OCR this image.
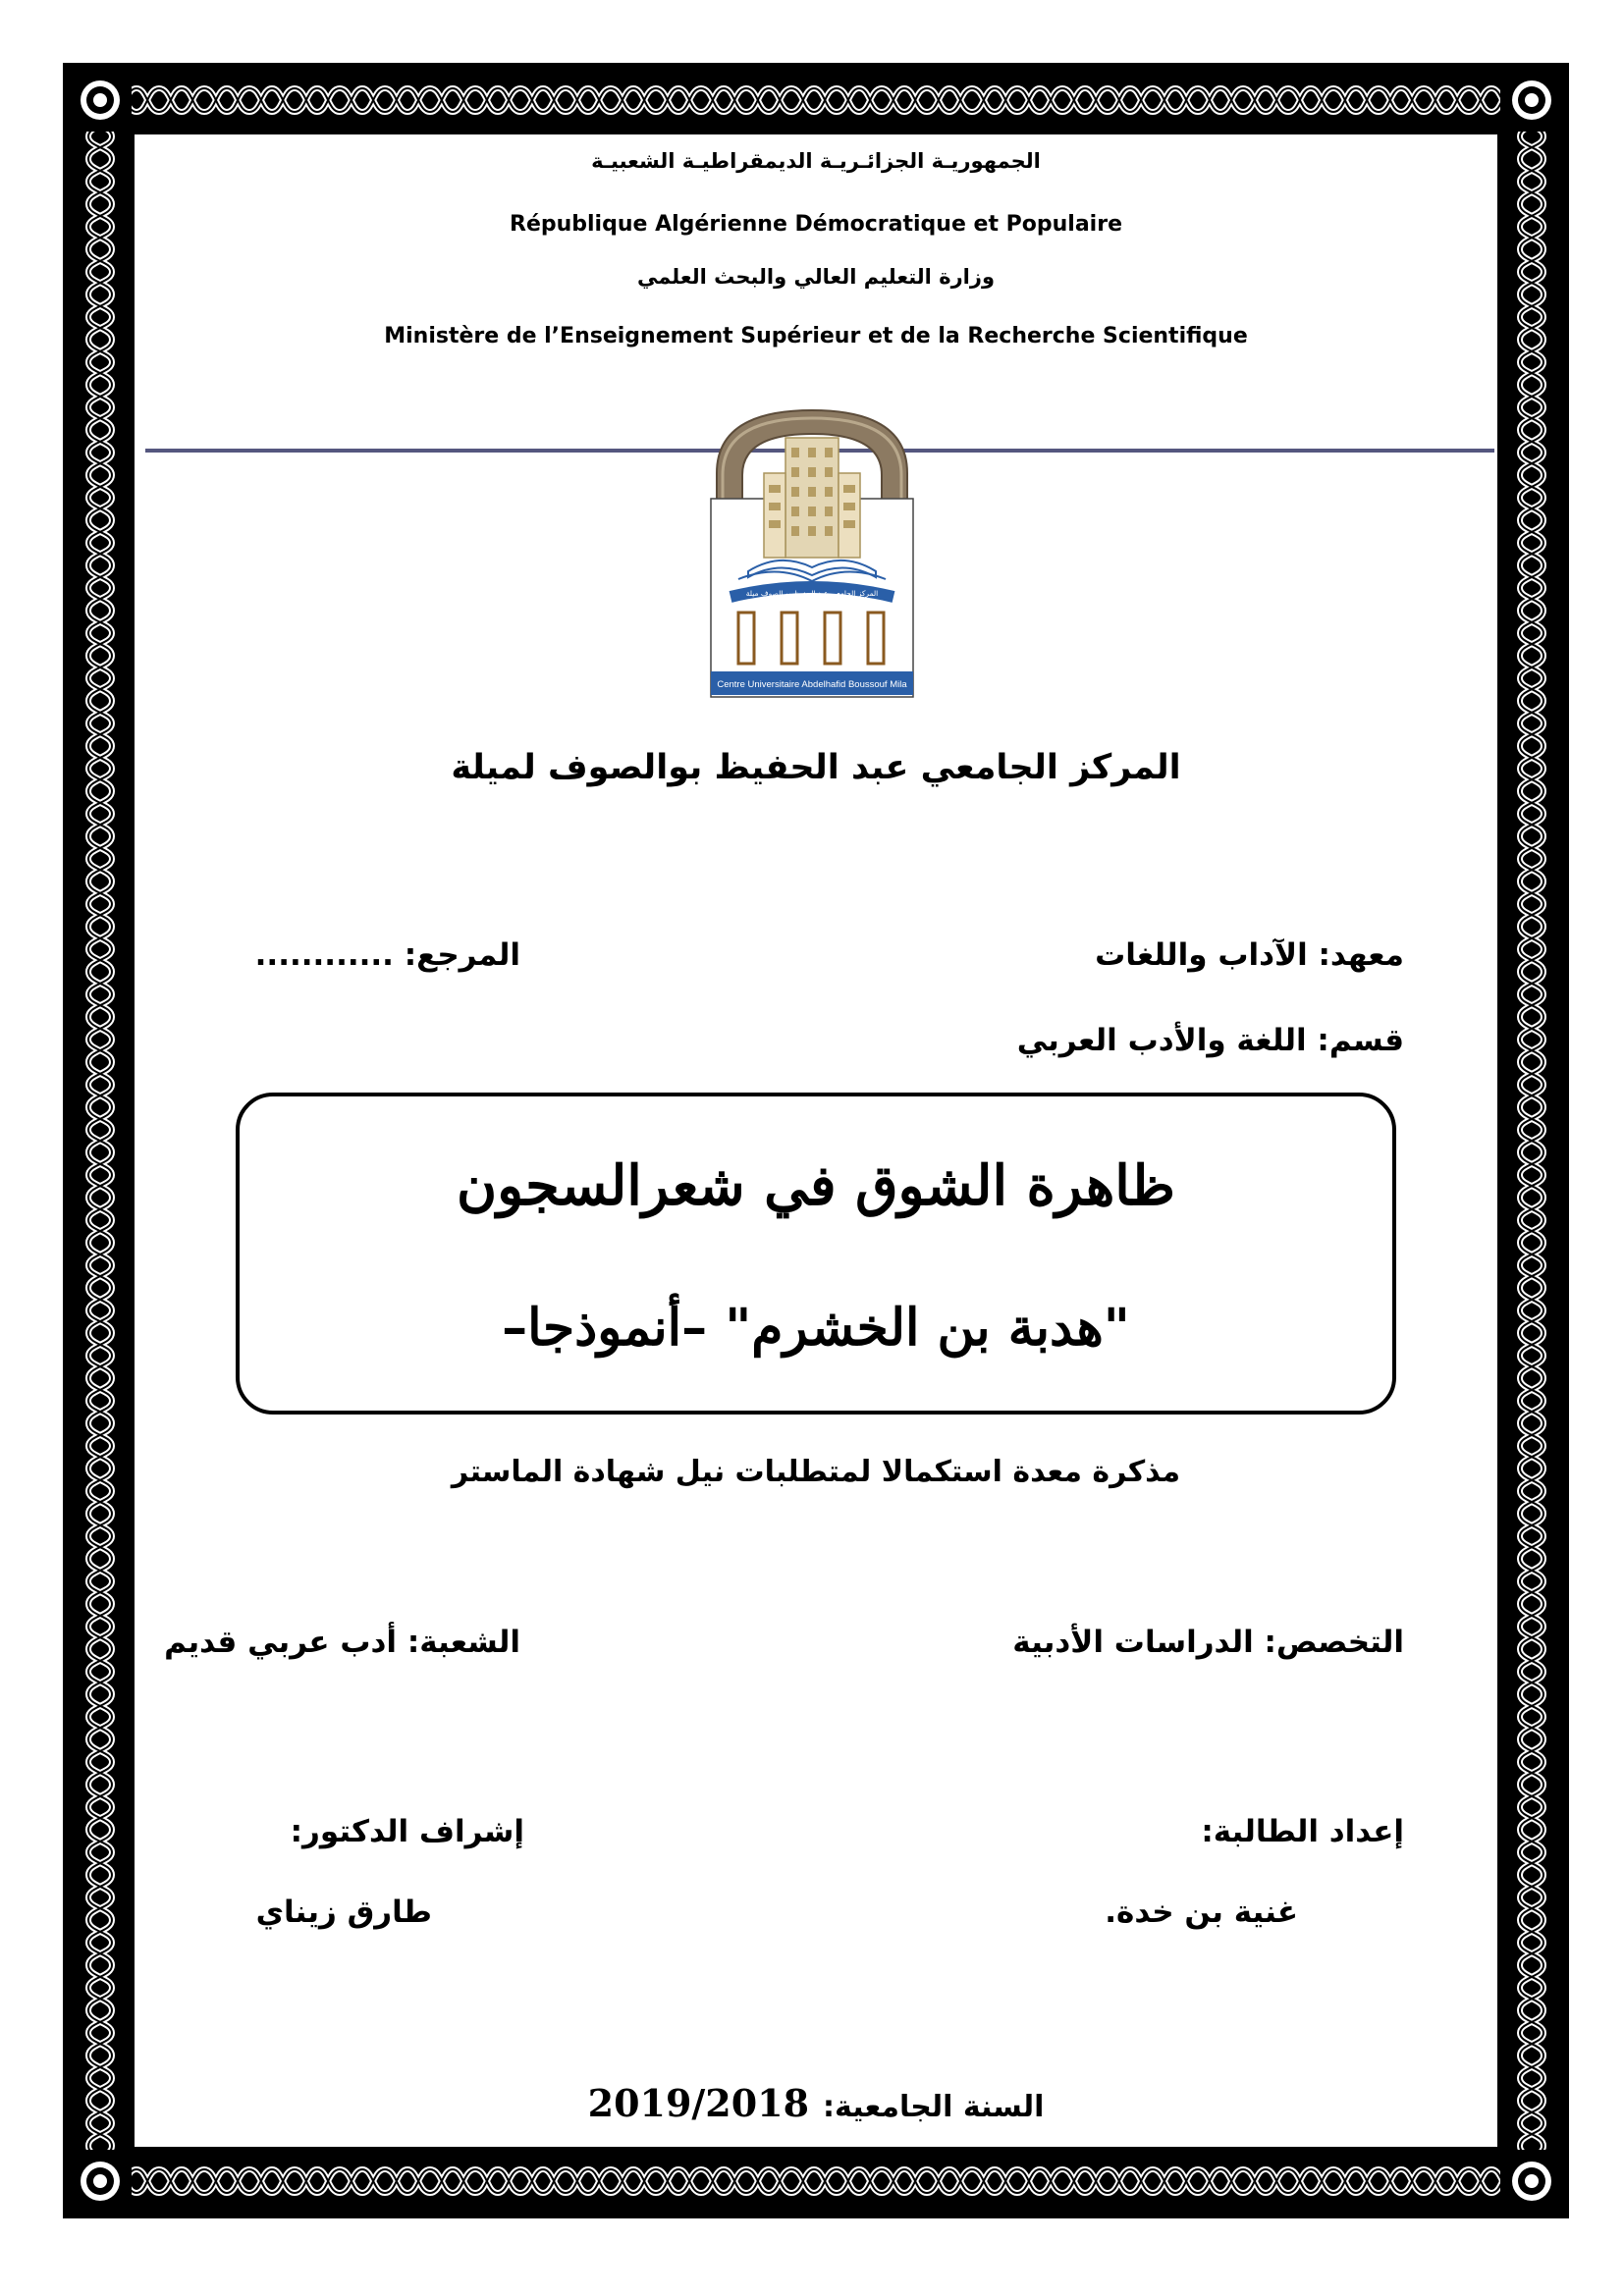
الجمهوريـة الجزائـريـة الديمقراطيـة الشعبيـة
République Algérienne Démocratique et Populaire
وزارة التعليم العالي والبحث العلمي
Ministère de l’Enseignement Supérieur et de la Recherche Scientifique
المركز الجامعي عبد الحفيظ بو الصوف ميلة
Centre Universitaire Abdelhafid Boussouf Mila
المركز الجامعي عبد الحفيظ بوالصوف لميلة
معهد: الآداب واللغات
المرجع: ............
قسم: اللغة والأدب العربي
ظاهرة الشوق في شعرالسجون
"هدبة بن الخشرم" –أنموذجا–
مذكرة معدة استكمالا لمتطلبات نيل شهادة الماستر
التخصص: الدراسات الأدبية
الشعبة: أدب عربي قديم
إعداد الطالبة:
إشراف الدكتور:
غنية بن خدة.
طارق زيناي
السنة الجامعية:2019/2018
